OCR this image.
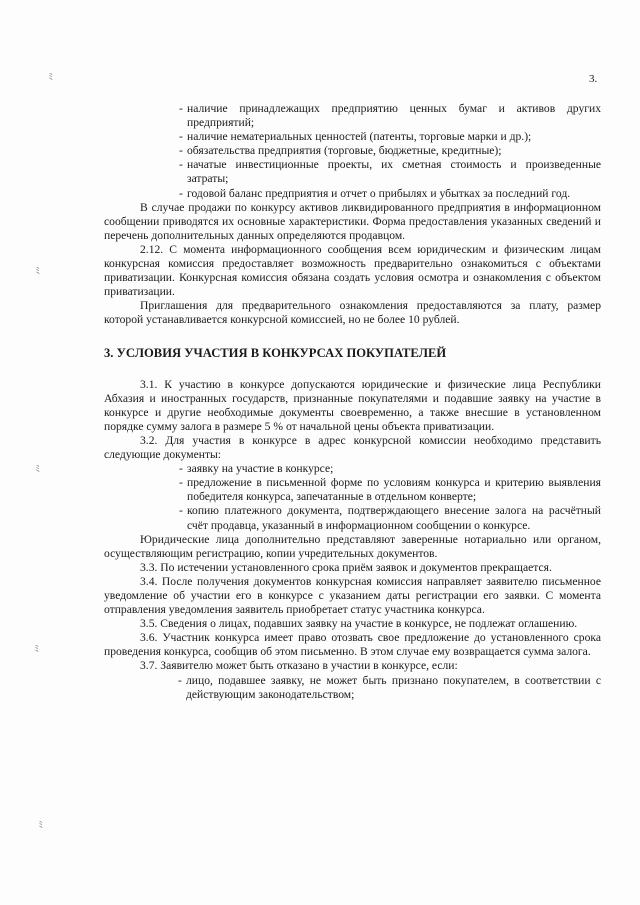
3.
ﾐ
ﾐ
ﾐ
ﾐ
ﾐ
- наличие принадлежащих предприятию ценных бумаг и активов других предприятий;
- наличие нематериальных ценностей (патенты, торговые марки и др.);
- обязательства предприятия (торговые, бюджетные, кредитные);
- начатые инвестиционные проекты, их сметная стоимость и произведенные затраты;
- годовой баланс предприятия и отчет о прибылях и убытках за последний год.

В случае продажи по конкурсу активов ликвидированного предприятия в информационном сообщении приводятся их основные характеристики. Форма предоставления указанных сведений и перечень дополнительных данных определяются продавцом.

2.12. С момента информационного сообщения всем юридическим и физическим лицам конкурсная комиссия предоставляет возможность предварительно ознакомиться с объектами приватизации. Конкурсная комиссия обязана создать условия осмотра и ознакомления с объектом приватизации.

Приглашения для предварительного ознакомления предоставляются за плату, размер которой устанавливается конкурсной комиссией, но не более 10 рублей.

3. УСЛОВИЯ УЧАСТИЯ В КОНКУРСАХ ПОКУПАТЕЛЕЙ

3.1. К участию в конкурсе допускаются юридические и физические лица Республики Абхазия и иностранных государств, признанные покупателями и подавшие заявку на участие в конкурсе и другие необходимые документы своевременно, а также внесшие в установленном порядке сумму залога в размере 5 % от начальной цены объекта приватизации.

3.2. Для участия в конкурсе в адрес конкурсной комиссии необходимо представить следующие документы:

- заявку на участие в конкурсе;
- предложение в письменной форме по условиям конкурса и критерию выявления победителя конкурса, запечатанные в отдельном конверте;
- копию платежного документа, подтверждающего внесение залога на расчётный счёт продавца, указанный в информационном сообщении о конкурсе.

Юридические лица дополнительно представляют заверенные нотариально или органом, осуществляющим регистрацию, копии учредительных документов.

3.3. По истечении установленного срока приём заявок и документов прекращается.

3.4. После получения документов конкурсная комиссия направляет заявителю письменное уведомление об участии его в конкурсе с указанием даты регистрации его заявки. С момента отправления уведомления заявитель приобретает статус участника конкурса.

3.5. Сведения о лицах, подавших заявку на участие в конкурсе, не подлежат оглашению.

3.6. Участник конкурса имеет право отозвать свое предложение до установленного срока проведения конкурса, сообщив об этом письменно. В этом случае ему возвращается сумма залога.

3.7. Заявителю может быть отказано в участии в конкурсе, если:

- лицо, подавшее заявку, не может быть признано покупателем, в соответствии с действующим законодательством;
